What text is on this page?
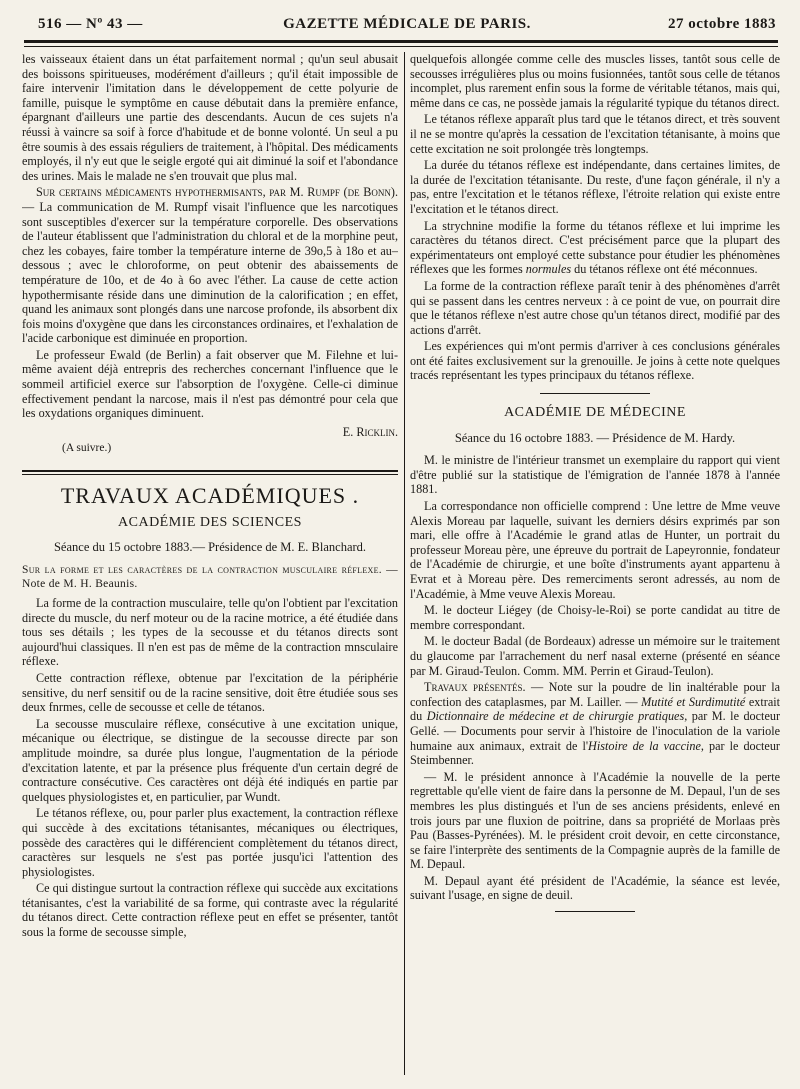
516 — Nº 43 —	GAZETTE MÉDICALE DE PARIS.	27 octobre 1883

les vaisseaux étaient dans un état parfaitement normal ; qu'un seul abusait des boissons spiritueuses, modérément d'ailleurs ; qu'il était impossible de faire intervenir l'imitation dans le développement de cette polyurie de famille, puisque le symptôme en cause débutait dans la première enfance, épargnant d'ailleurs une partie des descendants. Aucun de ces sujets n'a réussi à vaincre sa soif à force d'habitude et de bonne volonté. Un seul a pu être soumis à des essais réguliers de traitement, à l'hôpital. Des médicaments employés, il n'y eut que le seigle ergoté qui ait diminué la soif et l'abondance des urines. Mais le malade ne s'en trouvait que plus mal.

Sur certains médicaments hypothermisants, par M. Rumpf (de Bonn). — La communication de M. Rumpf visait l'influence que les narcotiques sont susceptibles d'exercer sur la température corporelle. Des observations de l'auteur établissent que l'administration du chloral et de la morphine peut, chez les cobayes, faire tomber la température interne de 39o,5 à 18o et au–dessous ; avec le chloroforme, on peut obtenir des abaissements de température de 10o, et de 4o à 6o avec l'éther. La cause de cette action hypothermisante réside dans une diminution de la calorification ; en effet, quand les animaux sont plongés dans une narcose profonde, ils absorbent dix fois moins d'oxygène que dans les circonstances ordinaires, et l'exhalation de l'acide carbonique est diminuée en proportion.

Le professeur Ewald (de Berlin) a fait observer que M. Filehne et lui-même avaient déjà entrepris des recherches concernant l'influence que le sommeil artificiel exerce sur l'absorption de l'oxygène. Celle-ci diminue effectivement pendant la narcose, mais il n'est pas démontré pour cela que les oxydations organiques diminuent.

E. Ricklin.
(A suivre.)
TRAVAUX ACADÉMIQUES .
ACADÉMIE DES SCIENCES
Séance du 15 octobre 1883.— Présidence de M. E. Blanchard.

Sur la forme et les caractères de la contraction musculaire réflexe. — Note de M. H. Beaunis.

La forme de la contraction musculaire, telle qu'on l'obtient par l'excitation directe du muscle, du nerf moteur ou de la racine motrice, a été étudiée dans tous ses détails ; les types de la secousse et du tétanos directs sont aujourd'hui classiques. Il n'en est pas de même de la contraction mnsculaire réflexe.

Cette contraction réflexe, obtenue par l'excitation de la périphérie sensitive, du nerf sensitif ou de la racine sensitive, doit être étudiée sous ses deux fnrmes, celle de secousse et celle de tétanos.

La secousse musculaire réflexe, consécutive à une excitation unique, mécanique ou électrique, se distingue de la secousse directe par son amplitude moindre, sa durée plus longue, l'augmentation de la période d'excitation latente, et par la présence plus fréquente d'un certain degré de contracture consécutive. Ces caractères ont déjà été indiqués en partie par quelques physiologistes et, en particulier, par Wundt.

Le tétanos réflexe, ou, pour parler plus exactement, la contraction réflexe qui succède à des excitations tétanisantes, mécaniques ou électriques, possède des caractères qui le différencient complètement du tétanos direct, caractères sur lesquels ne s'est pas portée jusqu'ici l'attention des physiologistes.

Ce qui distingue surtout la contraction réflexe qui succède aux excitations tétanisantes, c'est la variabilité de sa forme, qui contraste avec la régularité du tétanos direct. Cette contraction réflexe peut en effet se présenter, tantôt sous la forme de secousse simple,

quelquefois allongée comme celle des muscles lisses, tantôt sous celle de secousses irrégulières plus ou moins fusionnées, tantôt sous celle de tétanos incomplet, plus rarement enfin sous la forme de véritable tétanos, mais qui, même dans ce cas, ne possède jamais la régularité typique du tétanos direct.

Le tétanos réflexe apparaît plus tard que le tétanos direct, et très souvent il ne se montre qu'après la cessation de l'excitation tétanisante, à moins que cette excitation ne soit prolongée très longtemps.

La durée du tétanos réflexe est indépendante, dans certaines limites, de la durée de l'excitation tétanisante. Du reste, d'une façon générale, il n'y a pas, entre l'excitation et le tétanos réflexe, l'étroite relation qui existe entre l'excitation et le tétanos direct.

La strychnine modifie la forme du tétanos réflexe et lui imprime les caractères du tétanos direct. C'est précisément parce que la plupart des expérimentateurs ont employé cette substance pour étudier les phénomènes réflexes que les formes normules du tétanos réflexe ont été méconnues.

La forme de la contraction réflexe paraît tenir à des phénomènes d'arrêt qui se passent dans les centres nerveux : à ce point de vue, on pourrait dire que le tétanos réflexe n'est autre chose qu'un tétanos direct, modifié par des actions d'arrêt.

Les expériences qui m'ont permis d'arriver à ces conclusions générales ont été faites exclusivement sur la grenouille. Je joins à cette note quelques tracés représentant les types principaux du tétanos réflexe.

ACADÉMIE DE MÉDECINE
Séance du 16 octobre 1883. — Présidence de M. Hardy.

M. le ministre de l'intérieur transmet un exemplaire du rapport qui vient d'être publié sur la statistique de l'émigration de l'année 1878 à l'année 1881.

La correspondance non officielle comprend : Une lettre de Mme veuve Alexis Moreau par laquelle, suivant les derniers désirs exprimés par son mari, elle offre à l'Académie le grand atlas de Hunter, un portrait du professeur Moreau père, une épreuve du portrait de Lapeyronnie, fondateur de l'Académie de chirurgie, et une boîte d'instruments ayant appartenu à Evrat et à Moreau père. Des remerciments seront adressés, au nom de l'Académie, à Mme veuve Alexis Moreau.

M. le docteur Liégey (de Choisy-le-Roi) se porte candidat au titre de membre correspondant.

M. le docteur Badal (de Bordeaux) adresse un mémoire sur le traitement du glaucome par l'arrachement du nerf nasal externe (présenté en séance par M. Giraud-Teulon. Comm. MM. Perrin et Giraud-Teulon).

Travaux présentés. — Note sur la poudre de lin inaltérable pour la confection des cataplasmes, par M. Lailler. — Mutité et Surdimutité extrait du Dictionnaire de médecine et de chirurgie pratiques, par M. le docteur Gellé. — Documents pour servir à l'histoire de l'inoculation de la variole humaine aux animaux, extrait de l'Histoire de la vaccine, par le docteur Steimbenner.

— M. le président annonce à l'Académie la nouvelle de la perte regrettable qu'elle vient de faire dans la personne de M. Depaul, l'un de ses membres les plus distingués et l'un de ses anciens présidents, enlevé en trois jours par une fluxion de poitrine, dans sa propriété de Morlaas près Pau (Basses-Pyrénées). M. le président croit devoir, en cette circonstance, se faire l'interprète des sentiments de la Compagnie auprès de la famille de M. Depaul.

M. Depaul ayant été président de l'Académie, la séance est levée, suivant l'usage, en signe de deuil.
